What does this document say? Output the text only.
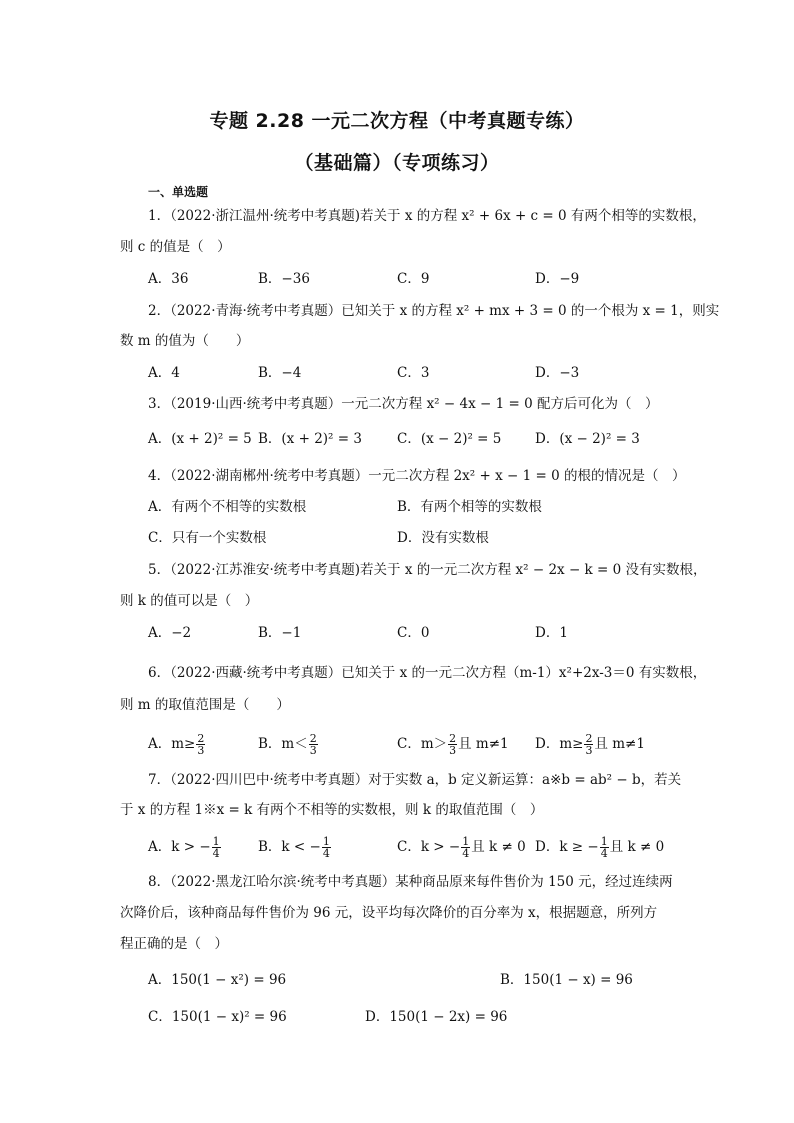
专题 2.28 一元二次方程（中考真题专练）
（基础篇）（专项练习）
一、单选题
1．（2022·浙江温州·统考中考真题)若关于 x 的方程 x² + 6x + c = 0 有两个相等的实数根，
则 c 的值是（　）
A．36	B．−36	C．9	D．−9
2．（2022·青海·统考中考真题）已知关于 x 的方程 x² + mx + 3 = 0 的一个根为 x = 1，则实
数 m 的值为（　　）
A．4	B．−4	C．3	D．−3
3．（2019·山西·统考中考真题）一元二次方程 x² − 4x − 1 = 0 配方后可化为（　）
A．(x + 2)² = 5 B．(x + 2)² = 3	C．(x − 2)² = 5 D．(x − 2)² = 3
4．（2022·湖南郴州·统考中考真题）一元二次方程 2x² + x − 1 = 0 的根的情况是（　）
A．有两个不相等的实数根	B．有两个相等的实数根
C．只有一个实数根	D．没有实数根
5．（2022·江苏淮安·统考中考真题)若关于 x 的一元二次方程 x² − 2x − k = 0 没有实数根，
则 k 的值可以是（　）
A．−2	B．−1	C．0	D．1
6．（2022·西藏·统考中考真题）已知关于 x 的一元二次方程（m-1）x²+2x-3＝0 有实数根，
则 m 的取值范围是（　　）
A．$m\ge \frac{2}{3}$	B．$m< \frac{2}{3}$	C．$m> \frac{2}{3}$ 且 m≠1 D．$m\ge \frac{2}{3}$ 且 m≠1
7．（2022·四川巴中·统考中考真题）对于实数 a，b 定义新运算：a※b = ab² − b，若关
于 x 的方程 1※x = k 有两个不相等的实数根，则 k 的取值范围（　）
A．k > − $\frac{1}{4}$	B．k < − $\frac{1}{4}$	C．k > − $\frac{1}{4}$ 且 k ≠ 0 D．k ≥ − $\frac{1}{4}$ 且 k ≠ 0
8．（2022·黑龙江哈尔滨·统考中考真题）某种商品原来每件售价为 150 元，经过连续两
次降价后，该种商品每件售价为 96 元，设平均每次降价的百分率为 x，根据题意，所列方
程正确的是（　）
A．150(1 − x²) = 96	B．150(1 − x) = 96
C．150(1 − x)² = 96	D．150(1 − 2x) = 96
